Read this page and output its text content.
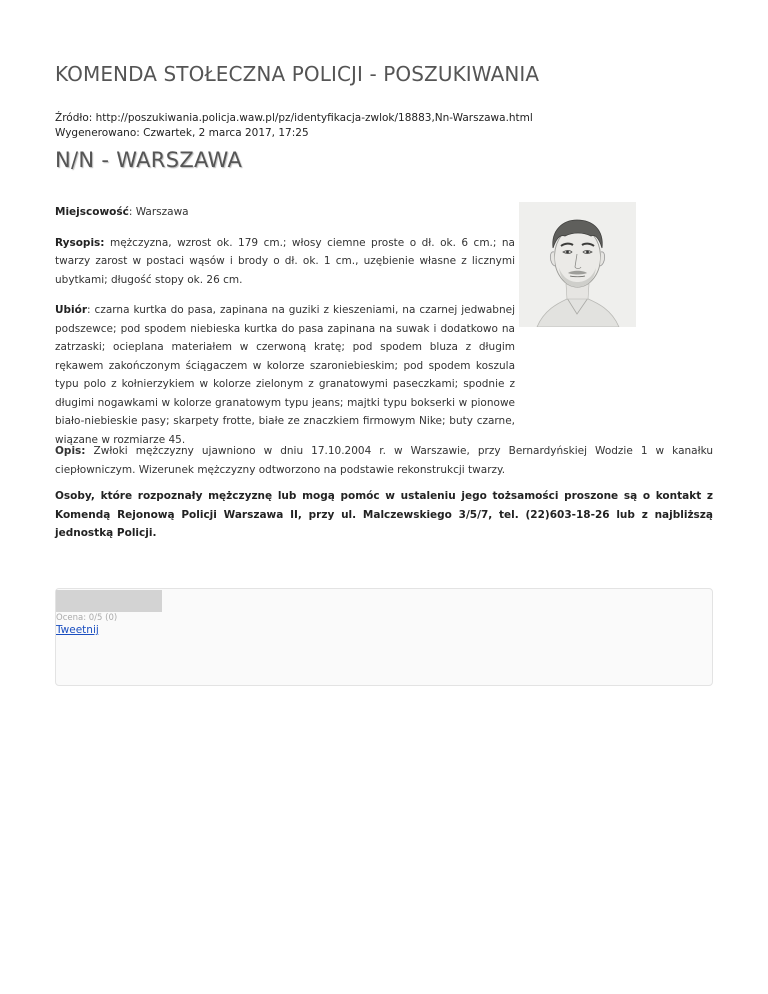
KOMENDA STOŁECZNA POLICJI - POSZUKIWANIA
Źródło: http://poszukiwania.policja.waw.pl/pz/identyfikacja-zwlok/18883,Nn-Warszawa.html
Wygenerowano: Czwartek, 2 marca 2017, 17:25
N/N - WARSZAWA

Miejscowość: Warszawa

Rysopis: mężczyzna, wzrost ok. 179 cm.; włosy ciemne proste o dł. ok. 6 cm.; na twarzy zarost w postaci wąsów i brody o dł. ok. 1 cm., uzębienie własne z licznymi ubytkami; długość stopy ok. 26 cm.

Ubiór: czarna kurtka do pasa, zapinana na guziki z kieszeniami, na czarnej jedwabnej podszewce; pod spodem niebieska kurtka do pasa zapinana na suwak i dodatkowo na zatrzaski; ocieplana materiałem w czerwoną kratę; pod spodem bluza z długim rękawem zakończonym ściągaczem w kolorze szaroniebieskim; pod spodem koszula typu polo z kołnierzykiem w kolorze zielonym z granatowymi paseczkami; spodnie z długimi nogawkami w kolorze granatowym typu jeans; majtki typu bokserki w pionowe biało-niebieskie pasy; skarpety frotte, białe ze znaczkiem firmowym Nike; buty czarne, wiązane w rozmiarze 45.

Opis: Zwłoki mężczyzny ujawniono w dniu 17.10.2004 r. w Warszawie, przy Bernardyńskiej Wodzie 1 w kanałku ciepłowniczym. Wizerunek mężczyzny odtworzono na podstawie rekonstrukcji twarzy.
Osoby, które rozpoznały mężczyznę lub mogą pomóc w ustaleniu jego tożsamości proszone są o kontakt z Komendą Rejonową Policji Warszawa II, przy ul. Malczewskiego 3/5/7, tel. (22)603-18-26 lub z najbliższą jednostką Policji.
Ocena: 0/5 (0)
Tweetnij
